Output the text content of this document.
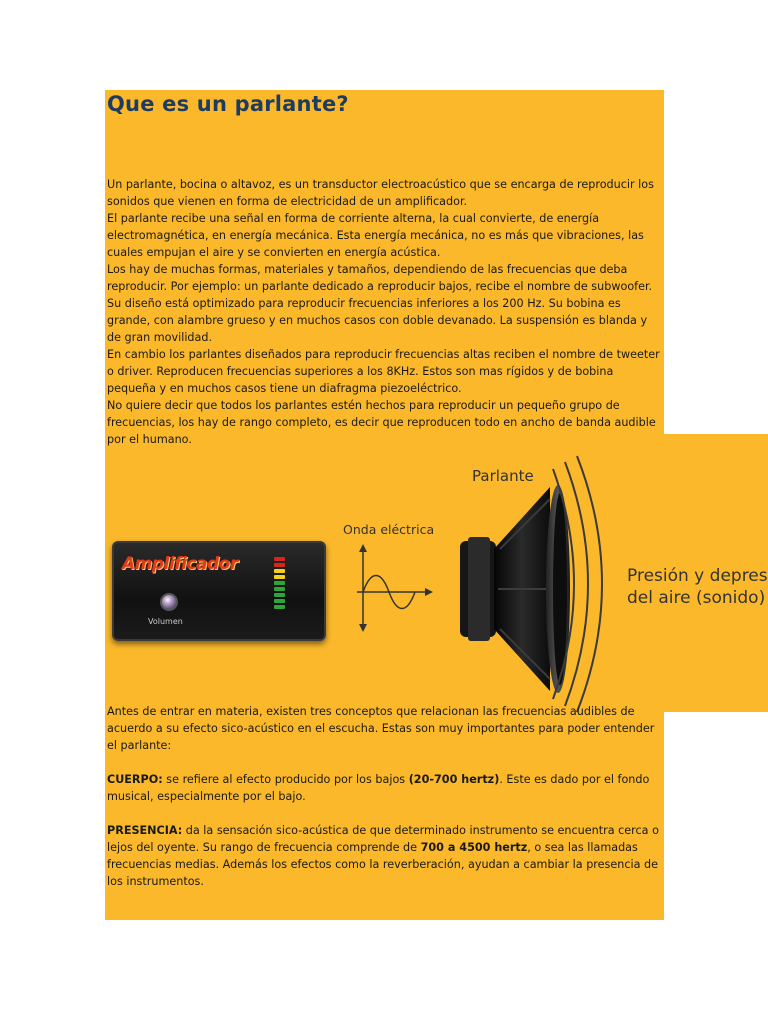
Que es un parlante?

Un parlante, bocina o altavoz, es un transductor electroacústico que se encarga de reproducir los sonidos que vienen en forma de electricidad de un amplificador.

El parlante recibe una señal en forma de corriente alterna, la cual convierte, de energía electromagnética, en energía mecánica. Esta energía mecánica, no es más que vibraciones, las cuales empujan el aire y se convierten en energía acústica.

Los hay de muchas formas, materiales y tamaños, dependiendo de las frecuencias que deba reproducir. Por ejemplo: un parlante dedicado a reproducir bajos, recibe el nombre de subwoofer. Su diseño está optimizado para reproducir frecuencias inferiores a los 200 Hz. Su bobina es grande, con alambre grueso y en muchos casos con doble devanado. La suspensión es blanda y de gran movilidad.

En cambio los parlantes diseñados para reproducir frecuencias altas reciben el nombre de tweeter o driver. Reproducen frecuencias superiores a los 8KHz. Estos son mas rígidos y de bobina pequeña y en muchos casos tiene un diafragma piezoeléctrico.

No quiere decir que todos los parlantes estén hechos para reproducir un pequeño grupo de frecuencias, los hay de rango completo, es decir que reproducen todo en ancho de banda audible por el humano.

Amplificador
Volumen
Onda eléctrica
Parlante
Presión y depres
del aire (sonido)

Antes de entrar en materia, existen tres conceptos que relacionan las frecuencias audibles de acuerdo a su efecto sico-acústico en el escucha. Estas son muy importantes para poder entender el parlante:

CUERPO: se refiere al efecto producido por los bajos (20-700 hertz). Este es dado por el fondo musical, especialmente por el bajo.

PRESENCIA: da la sensación sico-acústica de que determinado instrumento se encuentra cerca o lejos del oyente. Su rango de frecuencia comprende de 700 a 4500 hertz, o sea las llamadas frecuencias medias. Además los efectos como la reverberación, ayudan a cambiar la presencia de los instrumentos.
